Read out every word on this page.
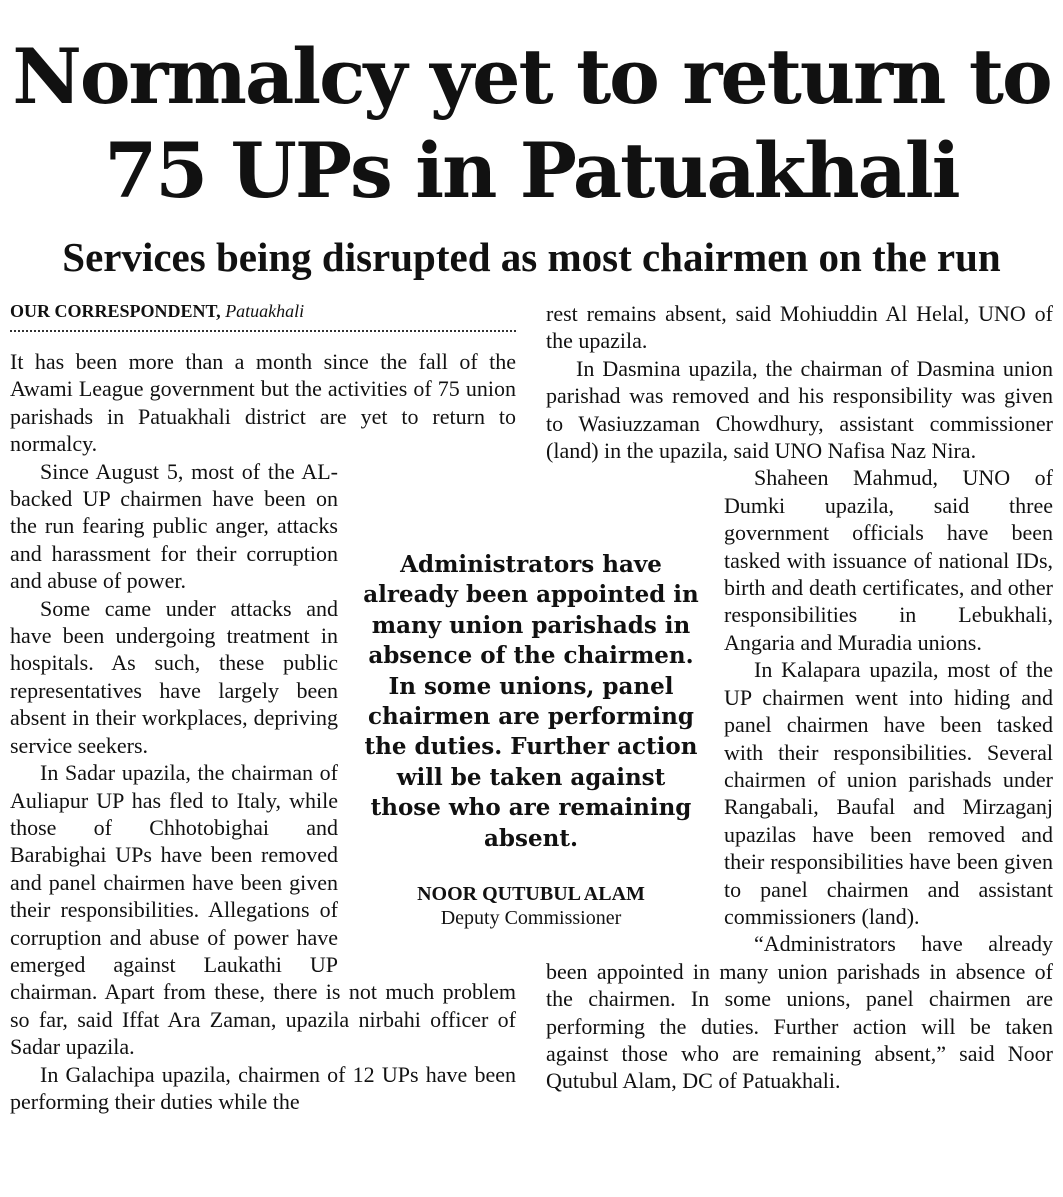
Normalcy yet to return to 75 UPs in Patuakhali
Services being disrupted as most chairmen on the run
OUR CORRESPONDENT, Patuakhali

It has been more than a month since the fall of the Awami League government but the activities of 75 union parishads in Patuakhali district are yet to return to normalcy.

Since August 5, most of the AL-backed UP chairmen have been on the run fearing public anger, attacks and harassment for their corruption and abuse of power.

Some came under attacks and have been undergoing treatment in hospitals. As such, these public representatives have largely been absent in their workplaces, depriving service seekers.

In Sadar upazila, the chairman of Auliapur UP has fled to Italy, while those of Chhotobighai and Barabighai UPs have been removed and panel chairmen have been given their responsibilities. Allegations of corruption and abuse of power have emerged against Laukathi UP chairman. Apart from these, there is not much problem so far, said Iffat Ara Zaman, upazila nirbahi officer of Sadar upazila.

In Galachipa upazila, chairmen of 12 UPs have been performing their duties while the

rest remains absent, said Mohiuddin Al Helal, UNO of the upazila.

In Dasmina upazila, the chairman of Dasmina union parishad was removed and his responsibility was given to Wasiuzzaman Chowdhury, assistant commissioner (land) in the upazila, said UNO Nafisa Naz Nira.

Shaheen Mahmud, UNO of Dumki upazila, said three government officials have been tasked with issuance of national IDs, birth and death certificates, and other responsibilities in Lebukhali, Angaria and Muradia unions.

In Kalapara upazila, most of the UP chairmen went into hiding and panel chairmen have been tasked with their responsibilities. Several chairmen of union parishads under Rangabali, Baufal and Mirzaganj upazilas have been removed and their responsibilities have been given to panel chairmen and assistant commissioners (land).

“Administrators have already been appointed in many union parishads in absence of the chairmen. In some unions, panel chairmen are performing the duties. Further action will be taken against those who are remaining absent,” said Noor Qutubul Alam, DC of Patuakhali.

Administrators have already been appointed in many union parishads in absence of the chairmen. In some unions, panel chairmen are performing the duties. Further action will be taken against those who are remaining absent.

NOOR QUTUBUL ALAM

Deputy Commissioner
